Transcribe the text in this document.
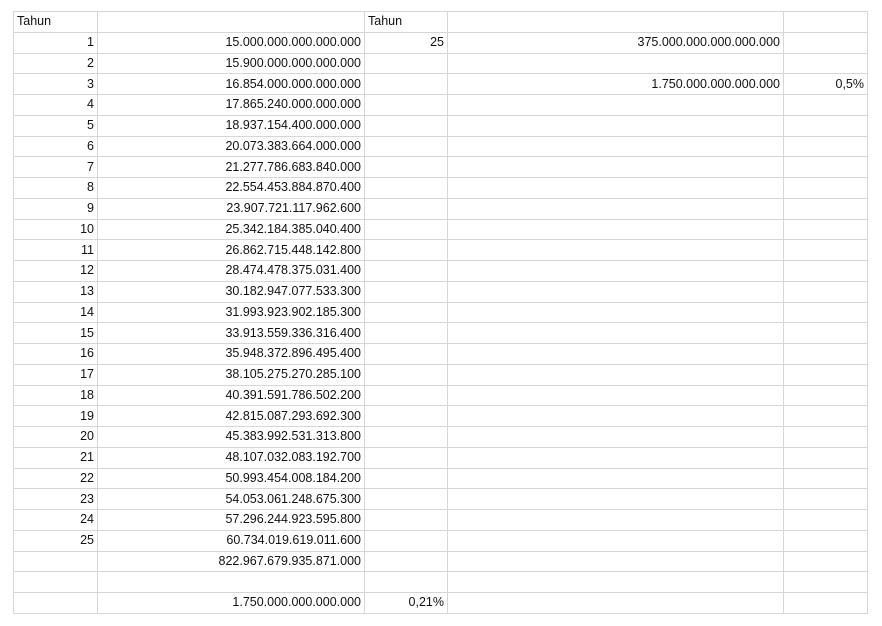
Tahun		Tahun		
1	15.000.000.000.000.000	25	375.000.000.000.000.000	
2	15.900.000.000.000.000			
3	16.854.000.000.000.000		1.750.000.000.000.000	0,5%
4	17.865.240.000.000.000			
5	18.937.154.400.000.000			
6	20.073.383.664.000.000			
7	21.277.786.683.840.000			
8	22.554.453.884.870.400			
9	23.907.721.117.962.600			
10	25.342.184.385.040.400			
11	26.862.715.448.142.800			
12	28.474.478.375.031.400			
13	30.182.947.077.533.300			
14	31.993.923.902.185.300			
15	33.913.559.336.316.400			
16	35.948.372.896.495.400			
17	38.105.275.270.285.100			
18	40.391.591.786.502.200			
19	42.815.087.293.692.300			
20	45.383.992.531.313.800			
21	48.107.032.083.192.700			
22	50.993.454.008.184.200			
23	54.053.061.248.675.300			
24	57.296.244.923.595.800			
25	60.734.019.619.011.600			
	822.967.679.935.871.000			

	1.750.000.000.000.000	0,21%		
